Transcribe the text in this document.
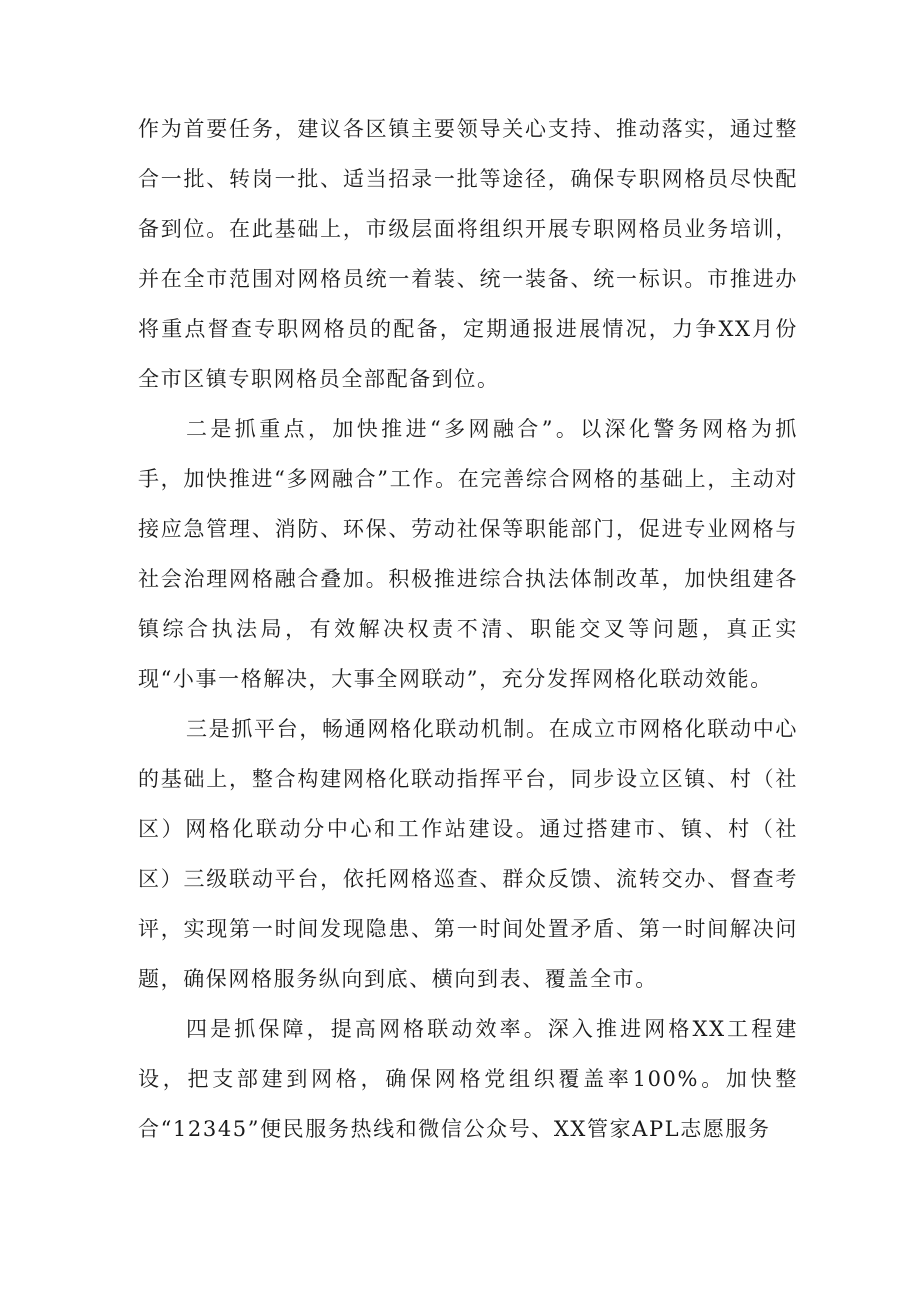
作为首要任务，建议各区镇主要领导关心支持、推动落实，通过整合一批、转岗一批、适当招录一批等途径，确保专职网格员尽快配备到位。在此基础上，市级层面将组织开展专职网格员业务培训，并在全市范围对网格员统一着装、统一装备、统一标识。市推进办将重点督查专职网格员的配备，定期通报进展情况，力争XX月份全市区镇专职网格员全部配备到位。

二是抓重点，加快推进“多网融合”。以深化警务网格为抓手，加快推进“多网融合”工作。在完善综合网格的基础上，主动对接应急管理、消防、环保、劳动社保等职能部门，促进专业网格与社会治理网格融合叠加。积极推进综合执法体制改革，加快组建各镇综合执法局，有效解决权责不清、职能交叉等问题，真正实现“小事一格解决，大事全网联动”，充分发挥网格化联动效能。

三是抓平台，畅通网格化联动机制。在成立市网格化联动中心的基础上，整合构建网格化联动指挥平台，同步设立区镇、村（社区）网格化联动分中心和工作站建设。通过搭建市、镇、村（社区）三级联动平台，依托网格巡查、群众反馈、流转交办、督查考评，实现第一时间发现隐患、第一时间处置矛盾、第一时间解决问题，确保网格服务纵向到底、横向到表、覆盖全市。

四是抓保障，提高网格联动效率。深入推进网格XX工程建设，把支部建到网格，确保网格党组织覆盖率100%。加快整合“12345”便民服务热线和微信公众号、XX管家APL志愿服务
